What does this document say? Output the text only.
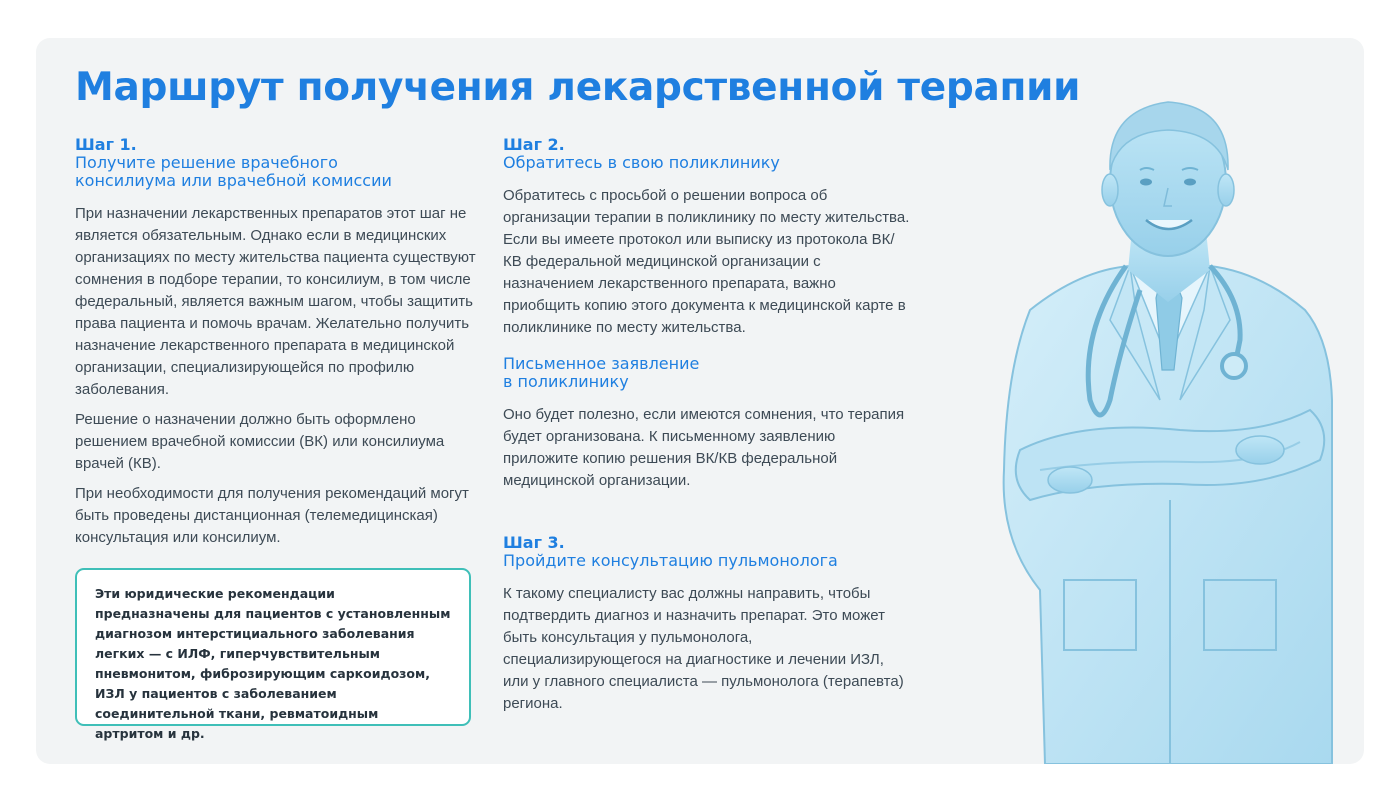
Маршрут получения лекарственной терапии
Шаг 1.
Получите решение врачебного
консилиума или врачебной комиссии

При назначении лекарственных препаратов этот шаг не является обязательным. Однако если в медицинских организациях по месту жительства пациента существуют сомнения в подборе терапии, то консилиум, в том числе федеральный, является важным шагом, чтобы защитить права пациента и помочь врачам. Желательно получить назначение лекарственного препарата в медицинской организации, специализирующейся по профилю заболевания.

Решение о назначении должно быть оформлено решением врачебной комиссии (ВК) или консилиума врачей (КВ).

При необходимости для получения рекомендаций могут быть проведены дистанционная (телемедицинская) консультация или консилиум.

Эти юридические рекомендации предназначены для пациентов с установленным диагнозом интерстициального заболевания легких — с ИЛФ, гиперчувствительным пневмонитом, фиброзирующим саркоидозом, ИЗЛ у пациентов с заболеванием соединительной ткани, ревматоидным артритом и др.
Шаг 2.
Обратитесь в свою поликлинику

Обратитесь с просьбой о решении вопроса об организации терапии в поликлинику по месту жительства. Если вы имеете протокол или выписку из протокола ВК/КВ федеральной медицинской организации с назначением лекарственного препарата, важно приобщить копию этого документа к медицинской карте в поликлинике по месту жительства.

Письменное заявление
в поликлинику

Оно будет полезно, если имеются сомнения, что терапия будет организована. К письменному заявлению приложите копию решения ВК/КВ федеральной медицинской организации.

Шаг 3.
Пройдите консультацию пульмонолога

К такому специалисту вас должны направить, чтобы подтвердить диагноз и назначить препарат. Это может быть консультация у пульмонолога, специализирующегося на диагностике и лечении ИЗЛ, или у главного специалиста — пульмонолога (терапевта) региона.
